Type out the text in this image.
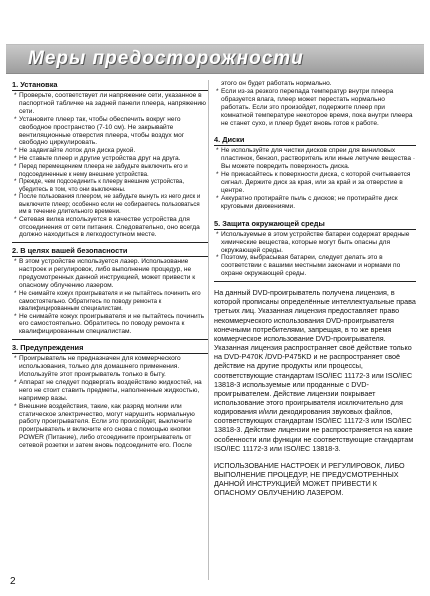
Меры предосторожности
1. Установка
* Проверьте, соответствует ли напряжение сети, указанное в паспортной табличке на задней панели плеера, напряжению сети.
* Установите плеер так, чтобы обеспечить вокруг него свободное пространство (7-10 см). Не закрывайте вентиляционные отверстия плеера, чтобы воздух мог свободно циркулировать.
* Не задвигайте лоток для диска рукой.
* Не ставьте плеер и другие устройства друг на друга.
* Перед перемещением плеера не забудьте выключить его и подсоединенные к нему внешние устройства.
* Прежде, чем подсоединить к плееру внешние устройства, убедитесь в том, что они выключены.
* После пользования плеером, не забудьте вынуть из него диск и выключите плеер; особенно если не собираетесь пользоваться им в течение длительного времени.
* Сетевая вилка используется в качестве устройства для отсоединения от сети питания. Следовательно, оно всегда должно находиться в легкодоступном месте.
2. В целях вашей безопасности
* В этом устройстве используется лазер. Использование настроек и регулировок, либо выполнение процедур, не предусмотренных данной инструкцией, может привести к опасному облучению лазером.
* Не снимайте кожух проигрывателя и не пытайтесь починить его самостоятельно. Обратитесь по поводу ремонта к квалифицированным специалистам.
* Не снимайте кожух проигрывателя и не пытайтесь починить его самостоятельно. Обратитесь по поводу ремонта к квалифицированным специалистам.
3. Предупреждения
* Проигрыватель не предназначен для коммерческого использования, только для домашнего применения. Используйте этот проигрыватель только в быту.
* Аппарат не следует подвергать воздействию жидкостей, на него не стоит ставить предметы, наполненные жидкостью, например вазы.
* Внешние воздействия, такие, как разряд молнии или статическое электричество, могут нарушить нормальную работу проигрывателя. Если это произойдет, выключите проигрыватель и включите его снова с помощью кнопки POWER (Питание), либо отсоедините проигрыватель от сетевой розетки и затем вновь подсоедините его. После
этого он будет работать нормально.
* Если из-за резкого перепада температур внутри плеера образуется влага, плеер может перестать нормально работать. Если это произойдет, подержите плеер при комнатной температуре некоторое время, пока внутри плеера не станет сухо, и плеер будет вновь готов к работе.
4. Диски
* Не используйте для чистки дисков спреи для виниловых пластинок, бензол, растворитель или иные летучие вещества · Вы можете повредить поверхность диска.
* Не прикасайтесь к поверхности диска, с которой считывается сигнал. Держите диск за края, или за край и за отверстие в центре.
* Аккуратно протирайте пыль с дисков; не протирайте диск круговыми движениями.
5. Защита окружающей среды
* Используемые в этом устройстве батареи содержат вредные химические вещества, которые могут быть опасны для окружающей среды.
* Поэтому, выбрасывая батареи, следует делать это в соответствии с вашими местными законами и нормами по охране окружающей среды.

На данный DVD-проигрыватель получена лицензия, в которой прописаны определённые интеллектуальные права третьих лиц. Указанная лицензия предоставляет право некоммерческого использования DVD-проигрывателя конечными потребителями, запрещая, в то же время коммерческое использование DVD-проигрывателя. Указанная лицензия распространяет своё действие только на DVD-P470K /DVD-P475KD и не распространяет своё действие на другие продукты или процессы, соответствующие стандартам ISO/IEC 11172-3 или ISO/IEC 13818-3 используемые или проданные с DVD-проигрывателем. Действие лицензии покрывает использование этого проигрывателя исключительно для кодирования и/или декодирования звуковых файлов, соответствующих стандартам ISO/IEC 11172-3 или ISO/IEC 13818-3. Действие лицензии не распространяется на какие особенности или функции не соответствующие стандартам ISO/IEC 11172-3 или ISO/IEC 13818-3.

ИСПОЛЬЗОВАНИЕ НАСТРОЕК И РЕГУЛИРОВОК, ЛИБО ВЫПОЛНЕНИЕ ПРОЦЕДУР, НЕ ПРЕДУСМОТРЕННЫХ ДАННОЙ ИНСТРУКЦИЕЙ МОЖЕТ ПРИВЕСТИ К ОПАСНОМУ ОБЛУЧЕНИЮ ЛАЗЕРОМ.

2
